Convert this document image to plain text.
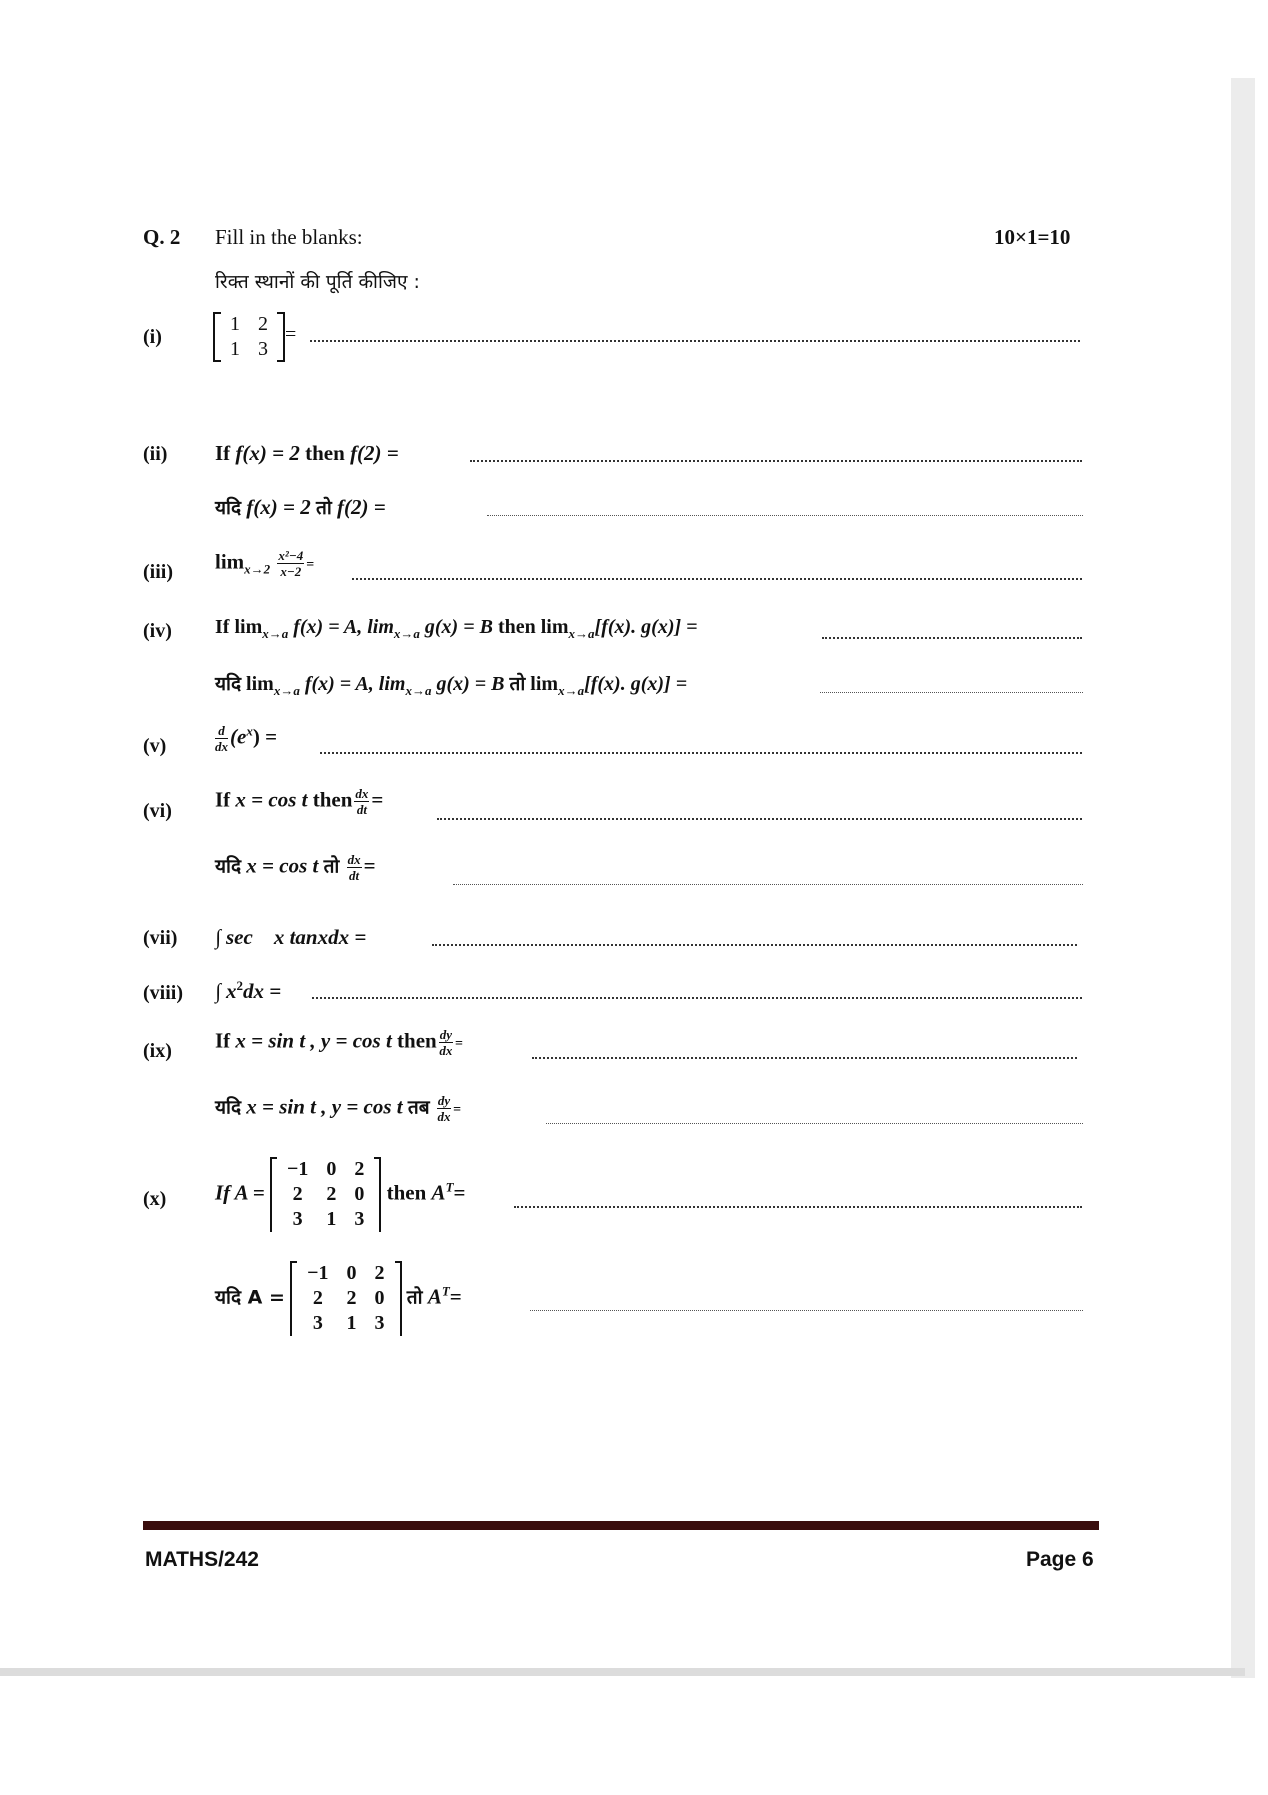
Q. 2 Fill in the blanks:	10×1=10
रिक्त स्थानों की पूर्ति कीजिए :
(i)
1	2
1	3
=
(ii) If f(x) = 2 then f(2) =
यदि f(x) = 2 तो f(2) =
(iii) $\lim_{x\to 2} \frac{\text{x²−4}}{x-2}$ =
(iv) If $\lim_{x\to a} f(x) = A$, $\lim_{x\to a} g(x) = B$ then $\lim_{x\to a}[f(x)$. g(x)] =
यदि $\lim_{x\to a} f(x) = A$, $\lim_{x\to a} g(x) = B$ तो $\lim_{x\to a}[f(x)$. g(x)] =
(v)	$\frac{d}{dx} (e^x)$ =
(vi) If x = cos t then $\frac{dx}{dt}$ =
यदि x = cos t तो $\frac{dx}{dt}$ =
(vii) ∫ sec    x tanxdx =
(viii) ∫ $x^2dx$ =
(ix) If x = sin t , y = cos t then $\frac{dy}{dx}$ =
यदि x = sin t , y = cos t तब $\frac{dy}{dx}$ =
(x) If A =
−1	0	2
2	2	0
3	1	3
then $A^T=$
यदि A =
−1	0	2
2	2	0
3	1	3
तो $A^T=$
MATHS/242	Page 6
